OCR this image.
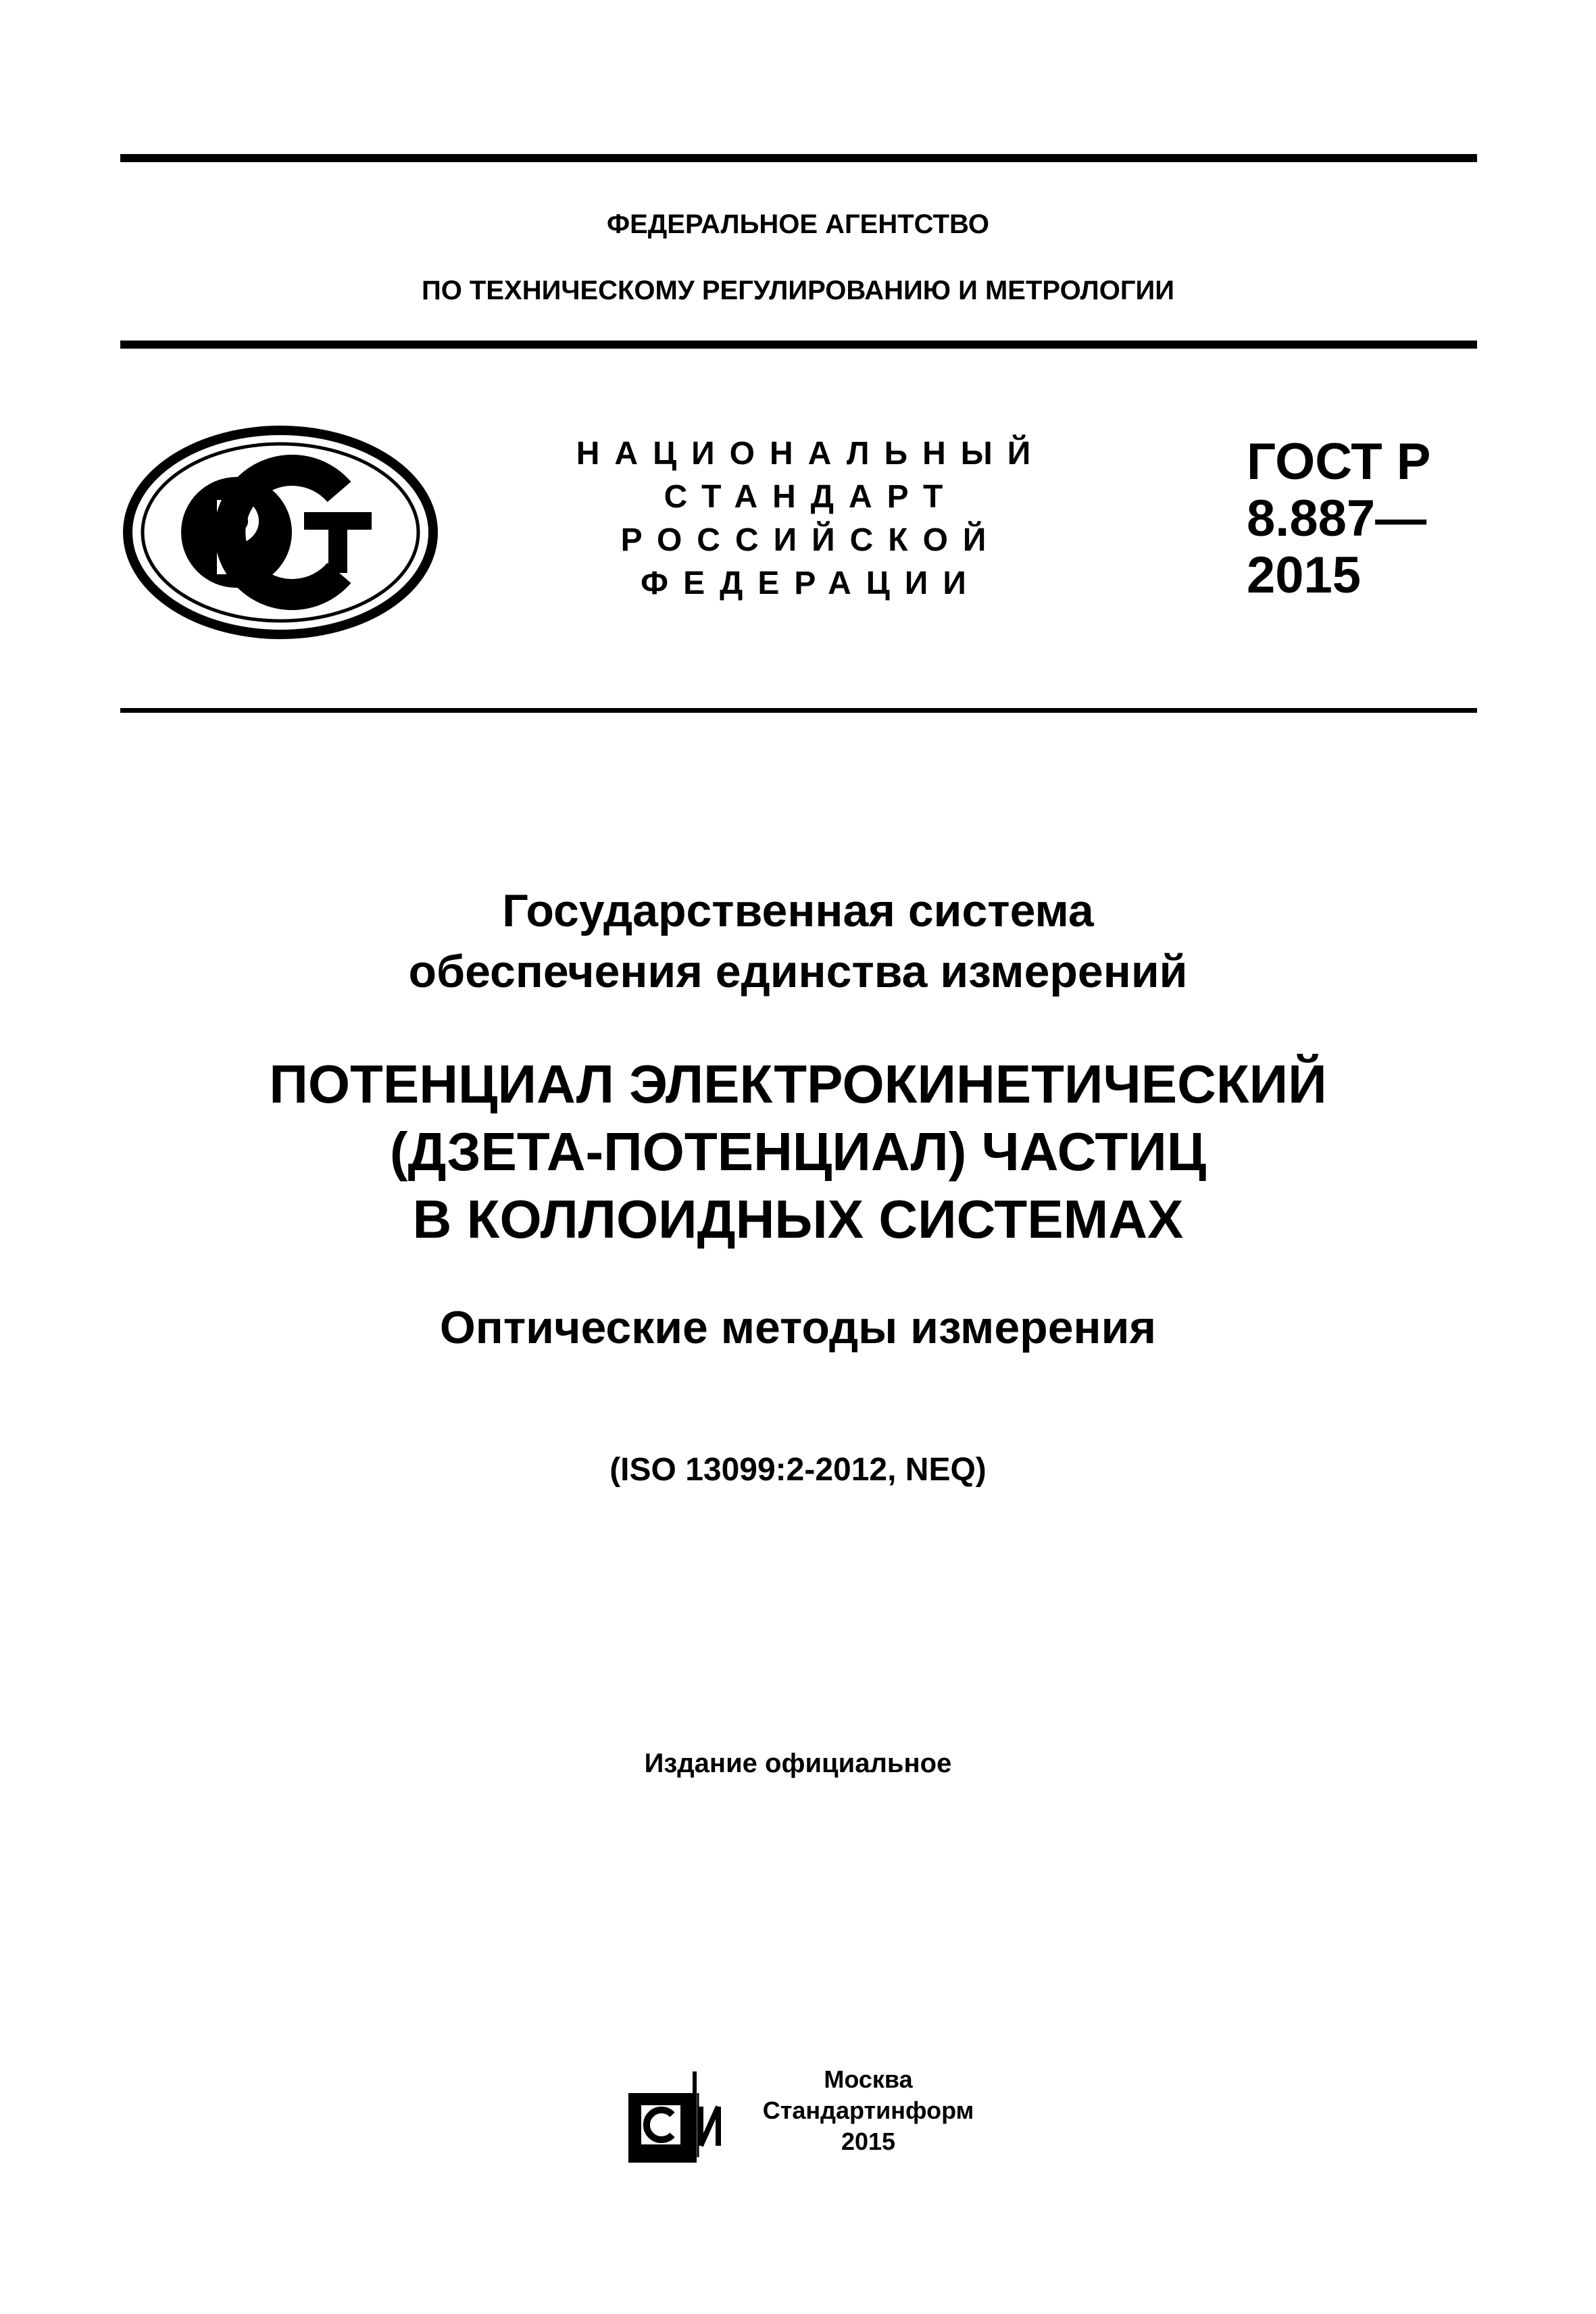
ФЕДЕРАЛЬНОЕ АГЕНТСТВО
ПО ТЕХНИЧЕСКОМУ РЕГУЛИРОВАНИЮ И МЕТРОЛОГИИ
НАЦИОНАЛЬНЫЙ
СТАНДАРТ
РОССИЙСКОЙ
ФЕДЕРАЦИИ
ГОСТ Р
8.887—
2015
Государственная система
обеспечения единства измерений
ПОТЕНЦИАЛ ЭЛЕКТРОКИНЕТИЧЕСКИЙ
(ДЗЕТА-ПОТЕНЦИАЛ) ЧАСТИЦ
В КОЛЛОИДНЫХ СИСТЕМАХ
Оптические методы измерения
(ISO 13099:2-2012, NEQ)
Издание официальное
Москва
Стандартинформ
2015
